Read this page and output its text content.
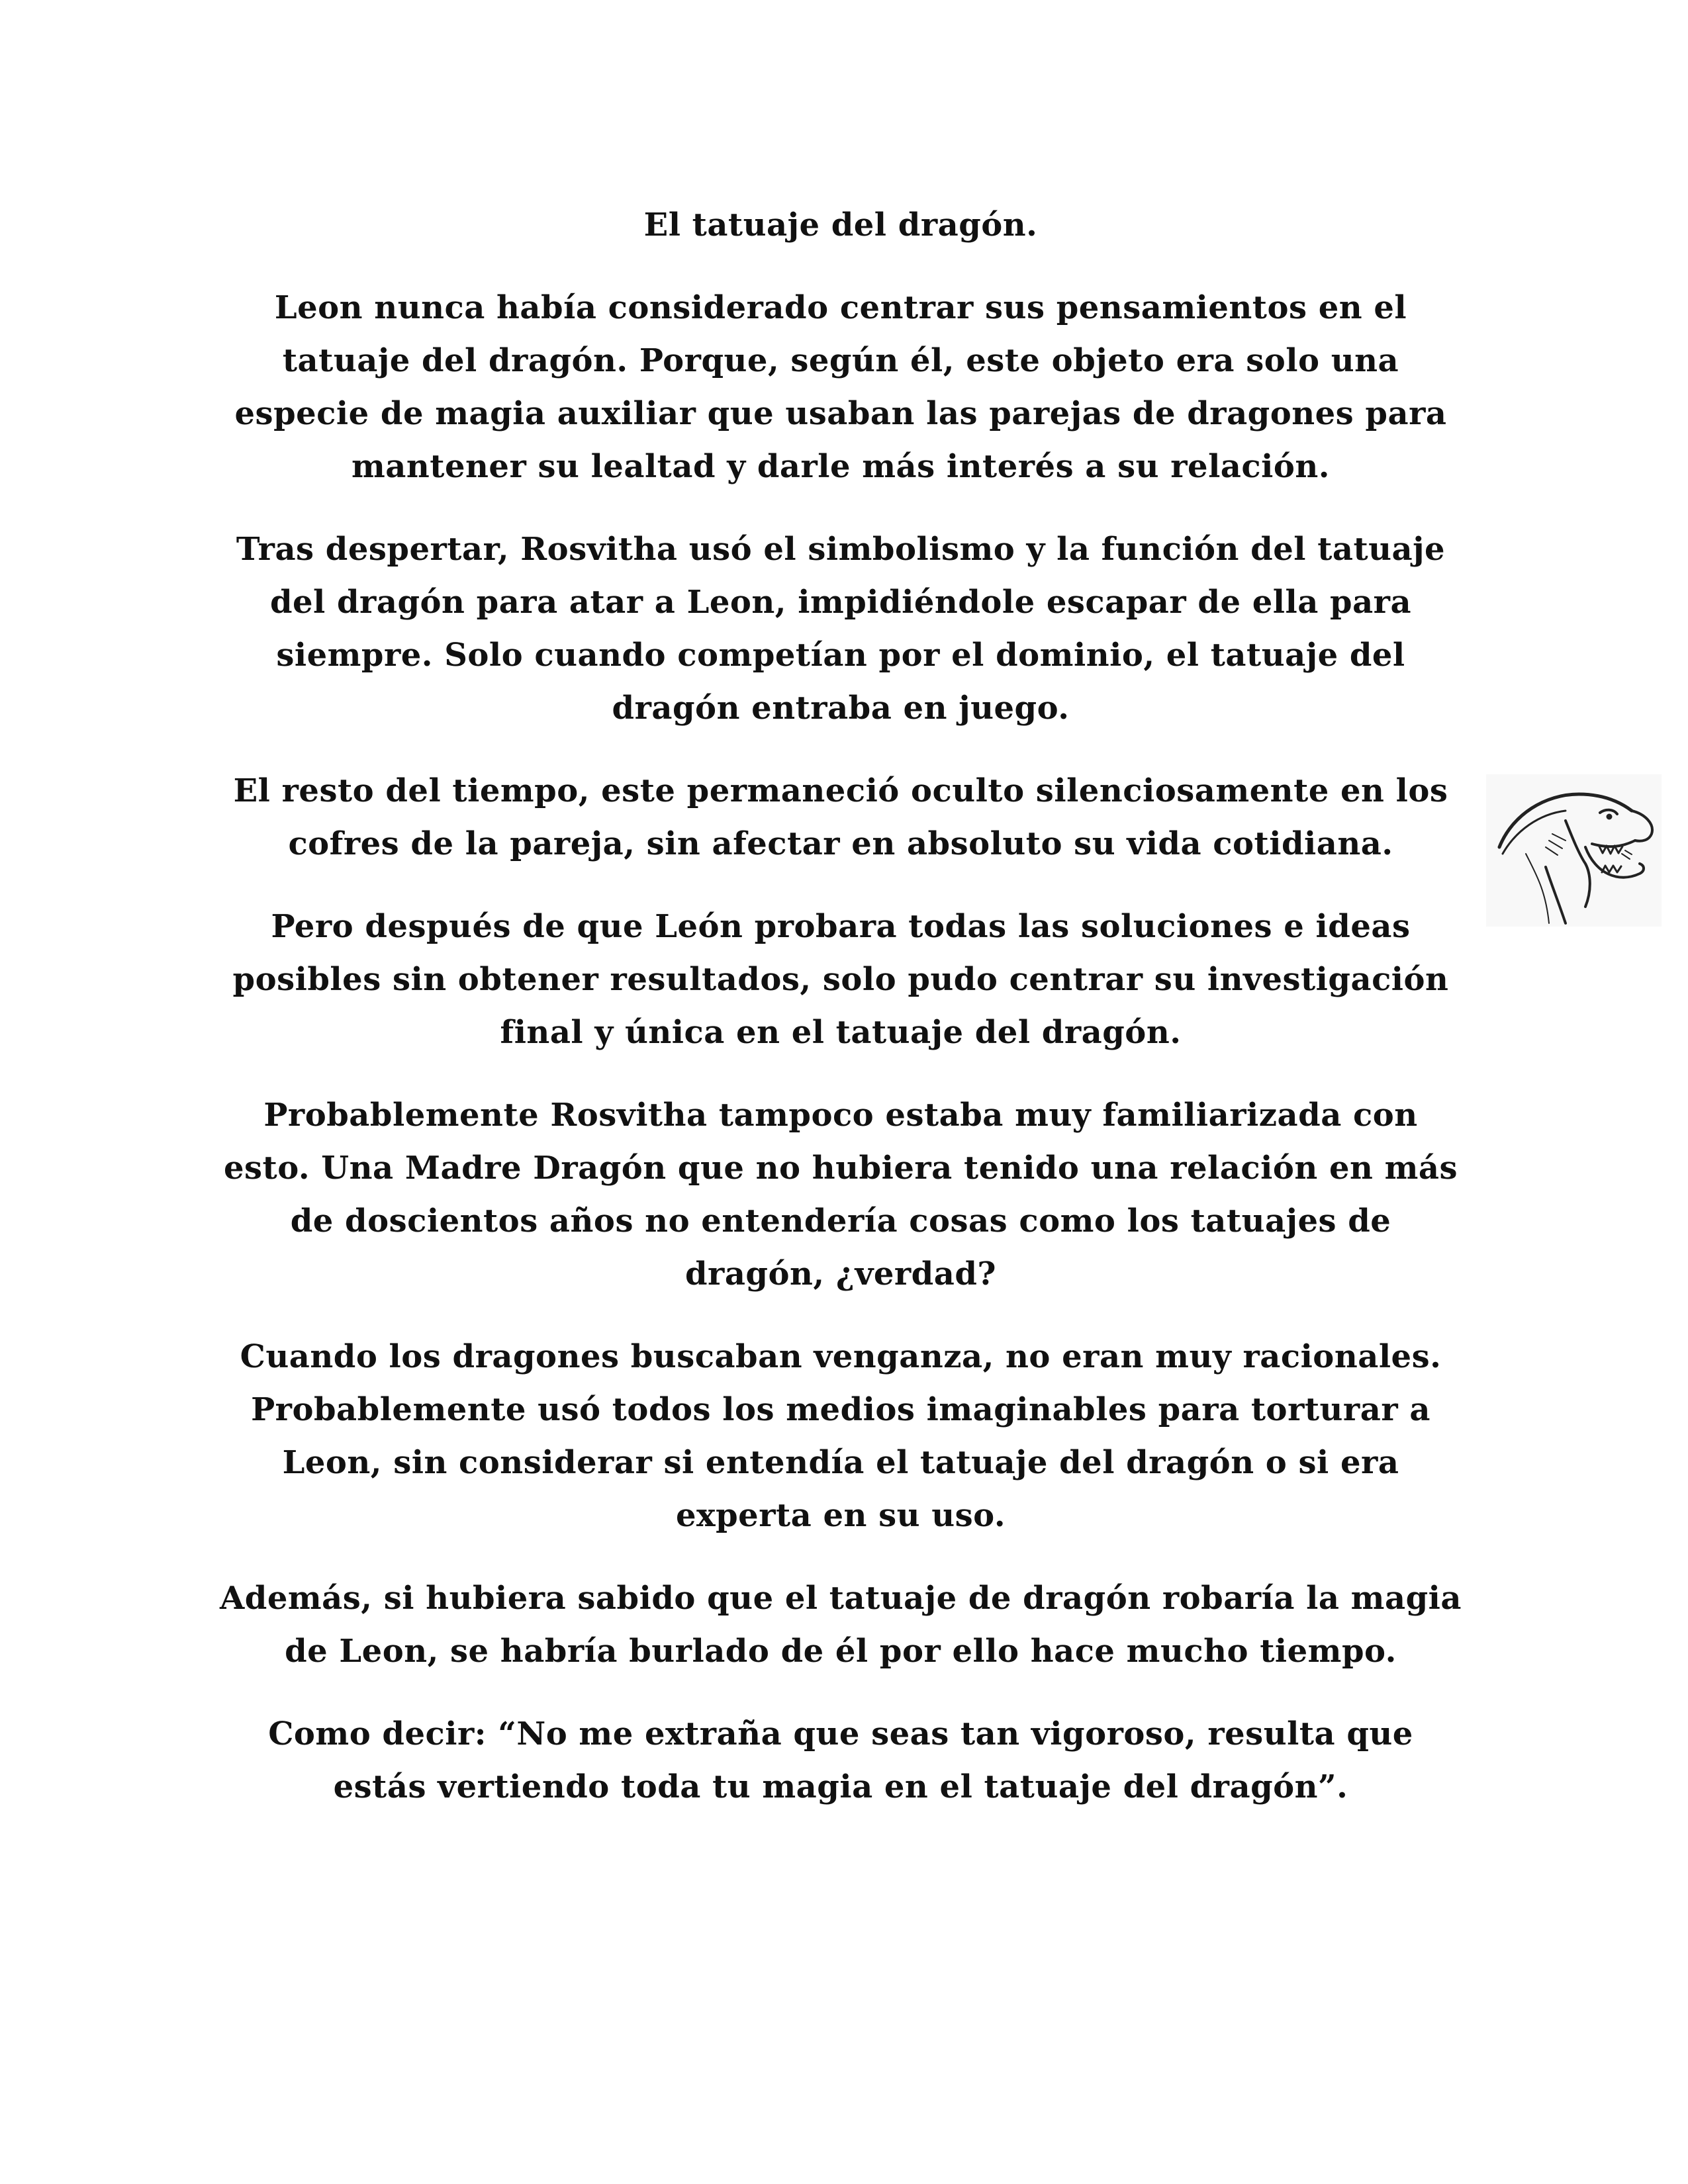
El tatuaje del dragón.

Leon nunca había considerado centrar sus pensamientos en el tatuaje del dragón. Porque, según él, este objeto era solo una especie de magia auxiliar que usaban las parejas de dragones para mantener su lealtad y darle más interés a su relación.

Tras despertar, Rosvitha usó el simbolismo y la función del tatuaje del dragón para atar a Leon, impidiéndole escapar de ella para siempre. Solo cuando competían por el dominio, el tatuaje del dragón entraba en juego.

El resto del tiempo, este permaneció oculto silenciosamente en los cofres de la pareja, sin afectar en absoluto su vida cotidiana.

Pero después de que León probara todas las soluciones e ideas posibles sin obtener resultados, solo pudo centrar su investigación final y única en el tatuaje del dragón.

Probablemente Rosvitha tampoco estaba muy familiarizada con esto. Una Madre Dragón que no hubiera tenido una relación en más de doscientos años no entendería cosas como los tatuajes de dragón, ¿verdad?

Cuando los dragones buscaban venganza, no eran muy racionales. Probablemente usó todos los medios imaginables para torturar a Leon, sin considerar si entendía el tatuaje del dragón o si era experta en su uso.

Además, si hubiera sabido que el tatuaje de dragón robaría la magia de Leon, se habría burlado de él por ello hace mucho tiempo.

Como decir: “No me extraña que seas tan vigoroso, resulta que estás vertiendo toda tu magia en el tatuaje del dragón”.
